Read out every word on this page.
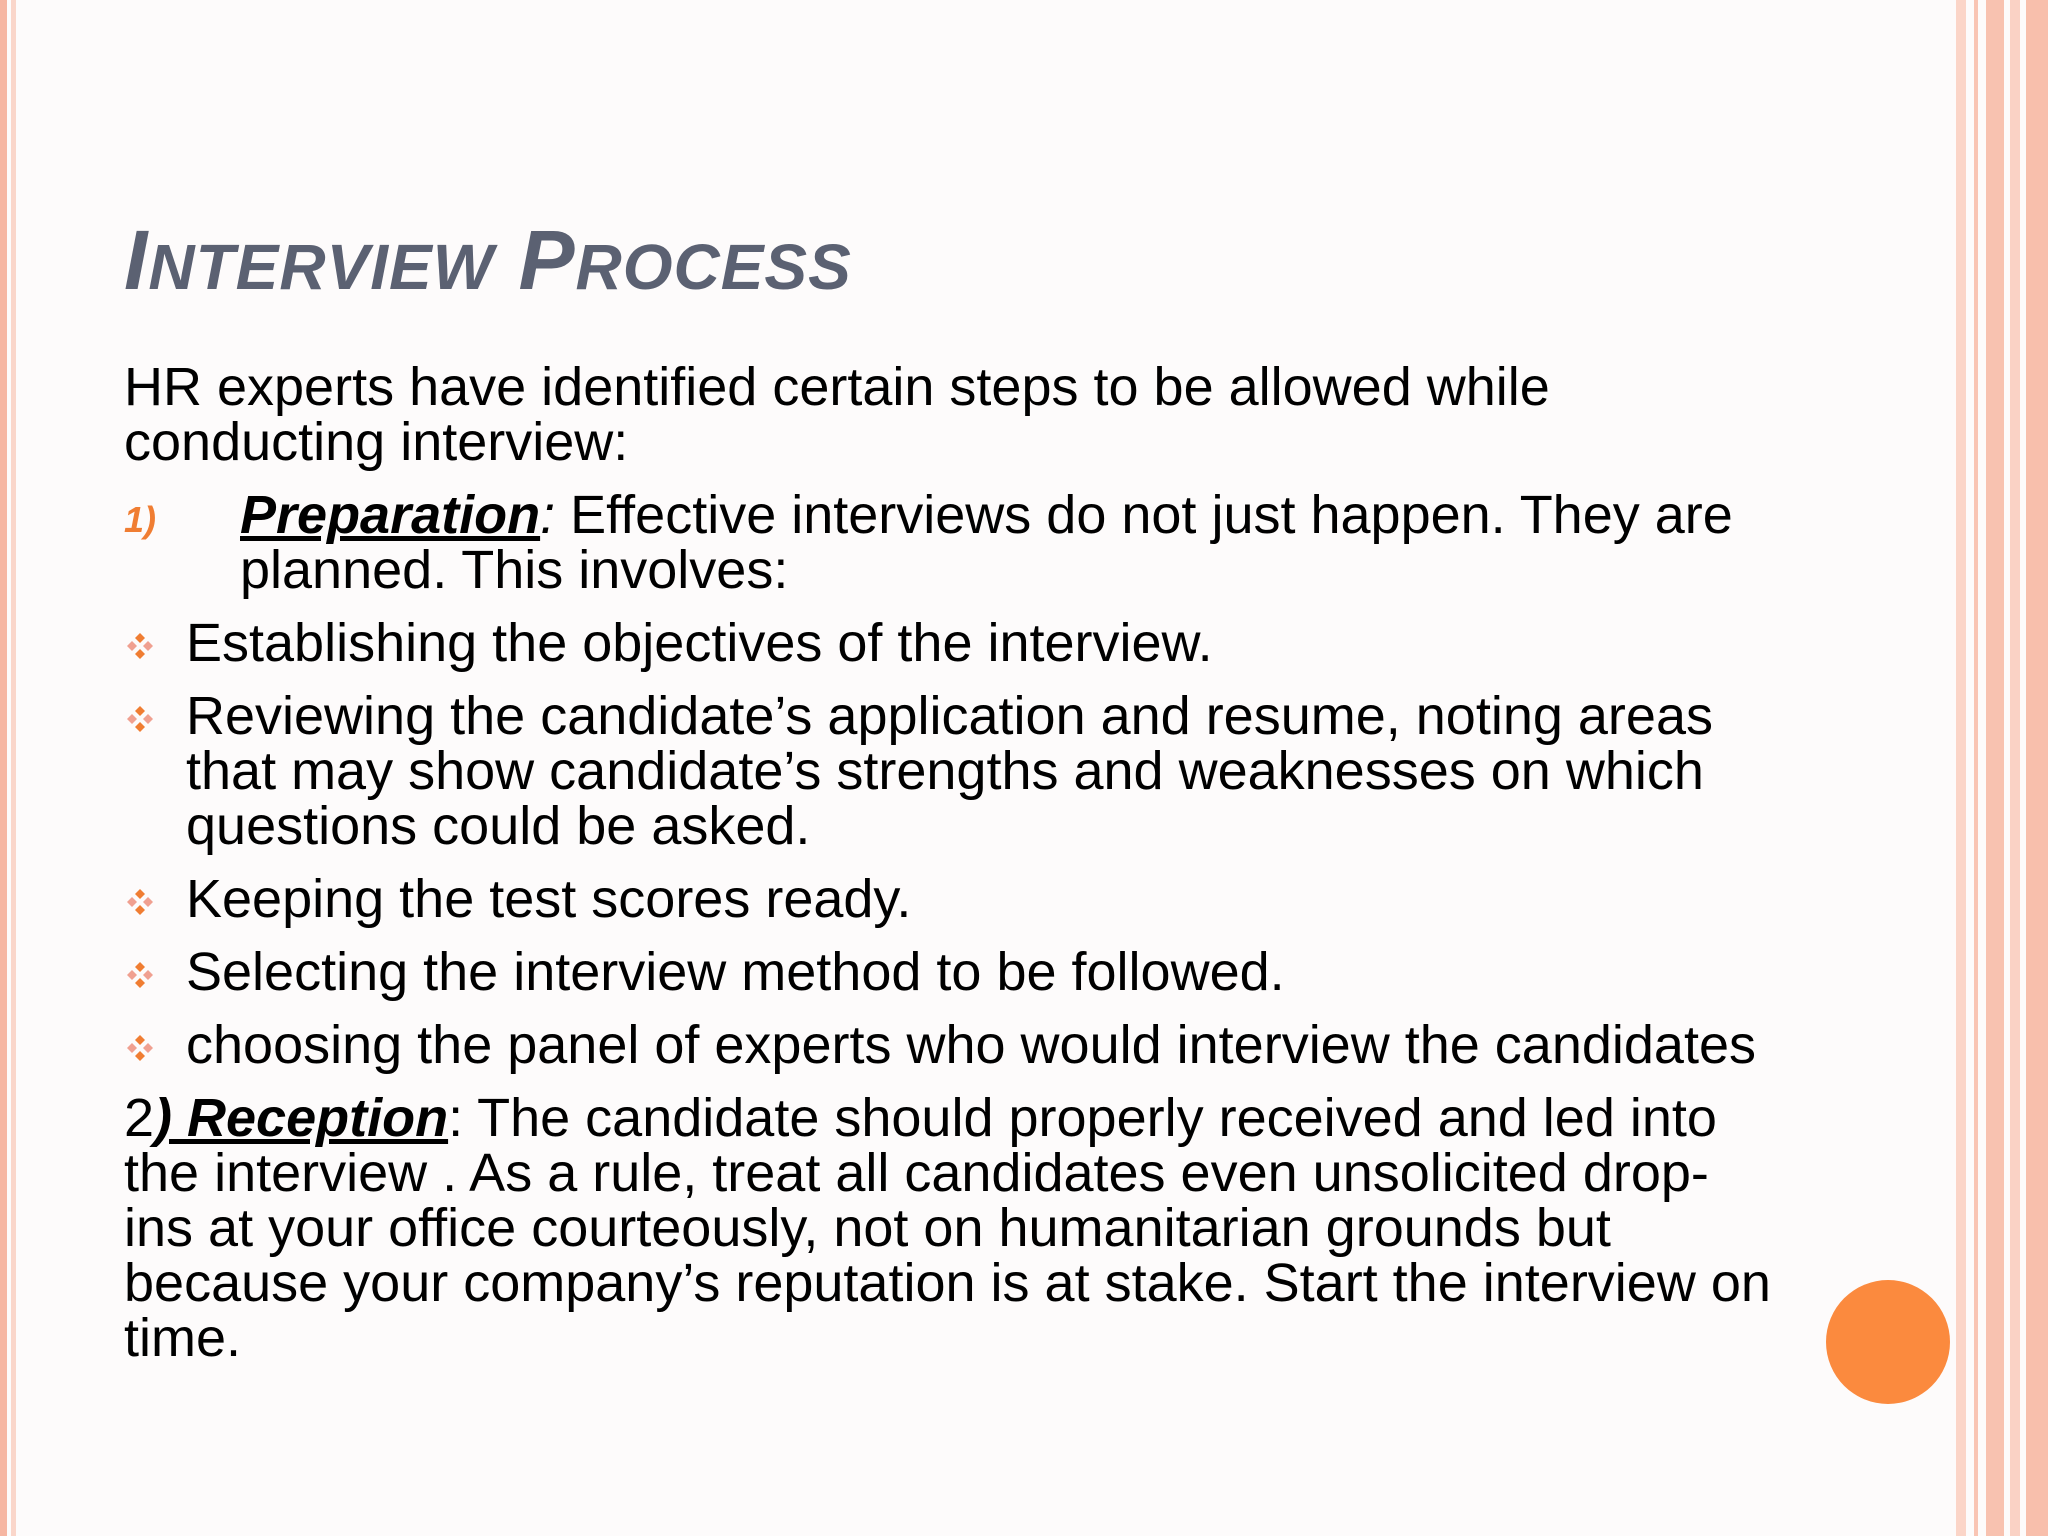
INTERVIEW PROCESS

HR experts have identified certain steps to be allowed while conducting interview:

1) Preparation: Effective interviews do not just happen. They are planned. This involves:
Establishing the objectives of the interview.
Reviewing the candidate’s application and resume, noting areas that may show candidate’s strengths and weaknesses on which questions could be asked.
Keeping the test scores ready.
Selecting the interview method to be followed.
choosing the panel of experts who would interview the candidates

2) Reception: The candidate should properly received and led into the interview . As a rule, treat all candidates even unsolicited drop-ins at your office courteously, not on humanitarian grounds but because your company’s reputation is at stake. Start the interview on time.
